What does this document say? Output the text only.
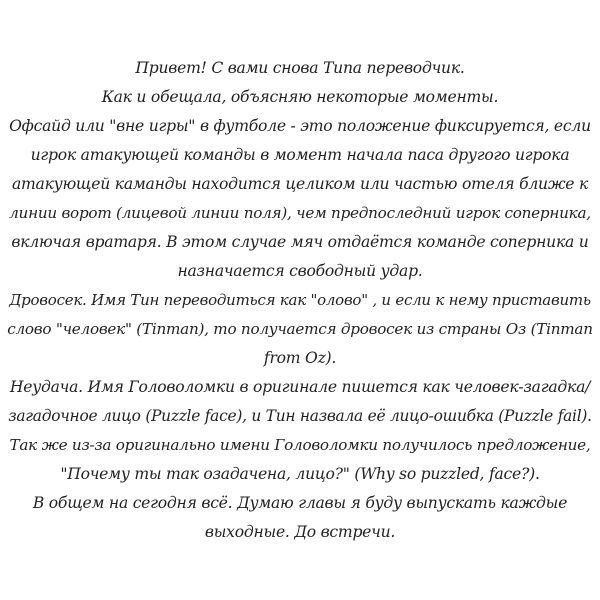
Привет! С вами снова Типа переводчик.
Как и обещала, объясняю некоторые моменты.
Офсайд или "вне игры" в футболе - это положение фиксируется, если
игрок атакующей команды в момент начала паса другого игрока
атакующей каманды находится целиком или частью отеля ближе к
линии ворот (лицевой линии поля), чем предпоследний игрок соперника,
включая вратаря. В этом случае мяч отдаётся команде соперника и
назначается свободный удар.
Дровосек. Имя Тин переводиться как "олово" , и если к нему приставить
слово "человек" (Tinman), то получается дровосек из страны Оз (Tinman
from Oz).
Неудача. Имя Головоломки в оригинале пишется как человек-загадка/
загадочное лицо (Puzzle face), и Тин назвала её лицо-ошибка (Puzzle fail).
Так же из-за оригинально имени Головоломки получилось предложение,
"Почему ты так озадачена, лицо?" (Why so puzzled, face?).
В общем на сегодня всё. Думаю главы я буду выпускать каждые
выходные. До встречи.
